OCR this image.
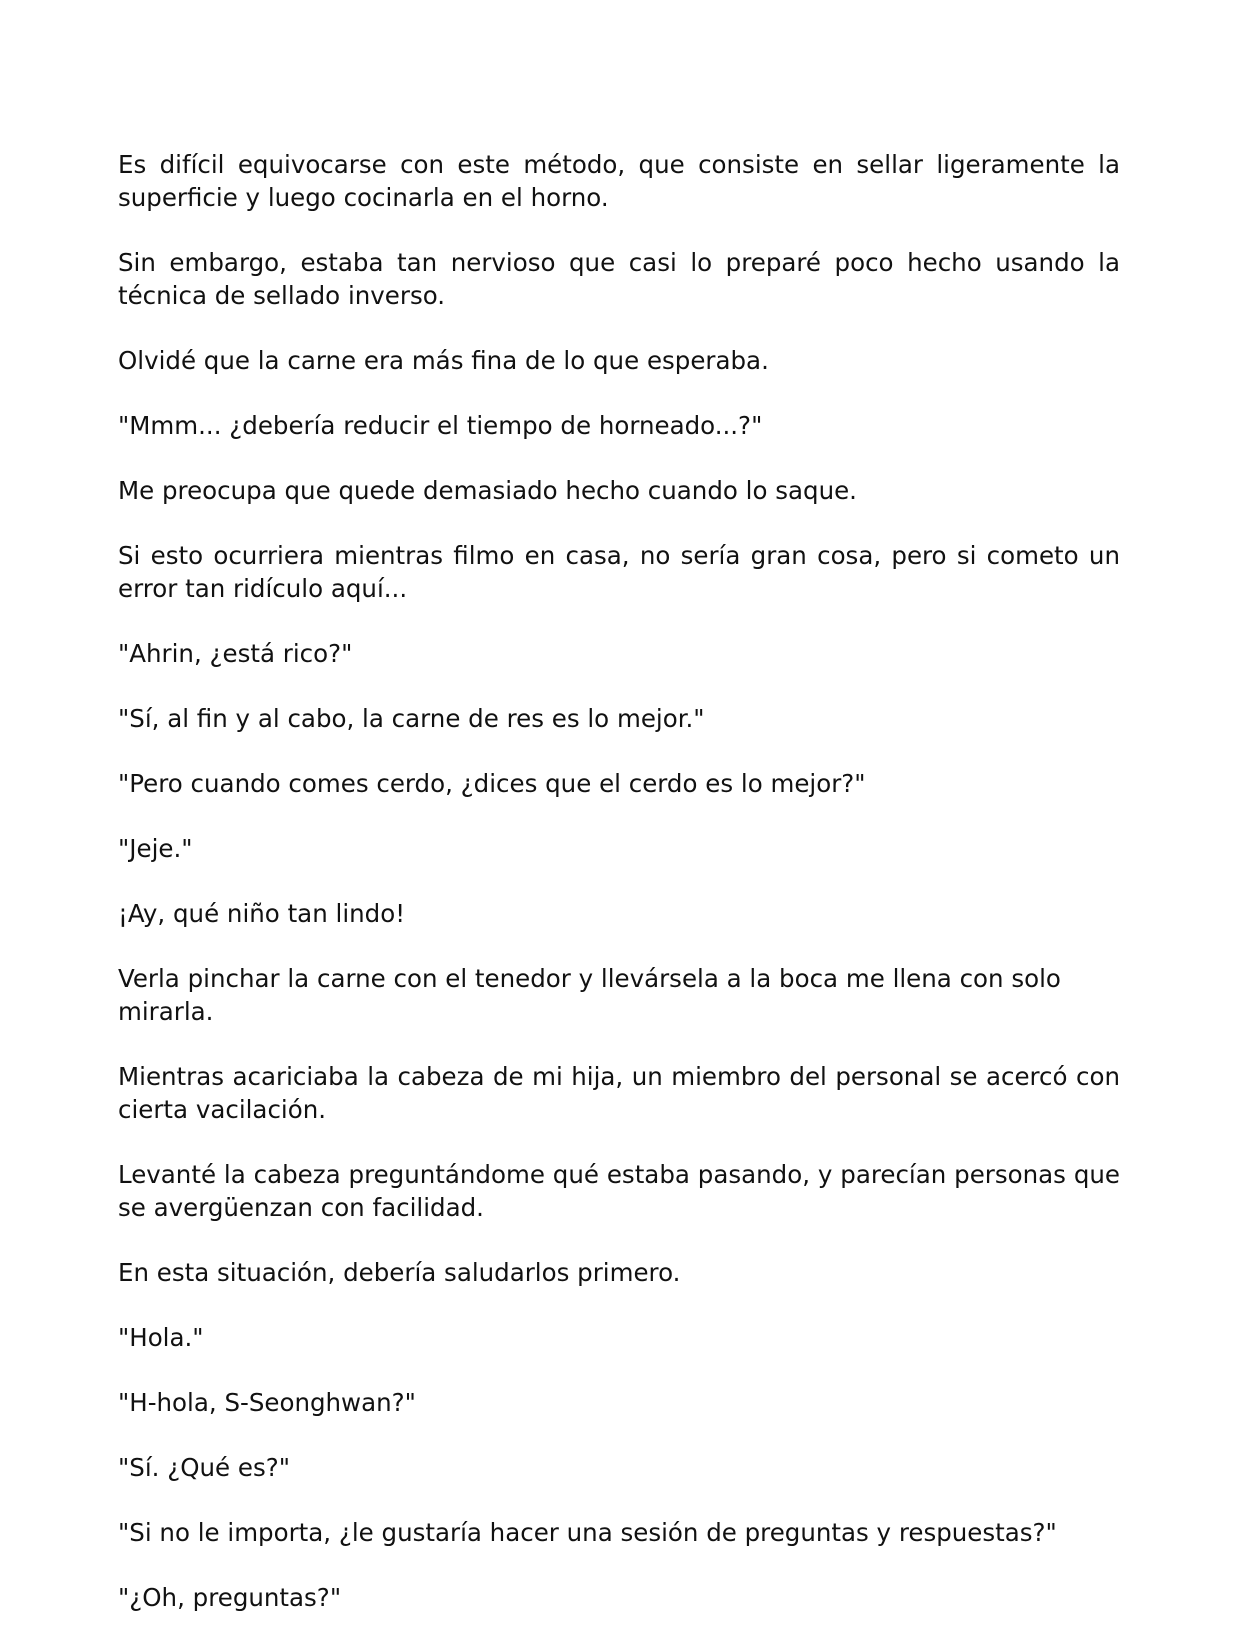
Es difícil equivocarse con este método, que consiste en sellar ligeramente la superficie y luego cocinarla en el horno.

Sin embargo, estaba tan nervioso que casi lo preparé poco hecho usando la técnica de sellado inverso.

Olvidé que la carne era más fina de lo que esperaba.

"Mmm... ¿debería reducir el tiempo de horneado...?"

Me preocupa que quede demasiado hecho cuando lo saque.

Si esto ocurriera mientras filmo en casa, no sería gran cosa, pero si cometo un error tan ridículo aquí...

"Ahrin, ¿está rico?"

"Sí, al fin y al cabo, la carne de res es lo mejor."

"Pero cuando comes cerdo, ¿dices que el cerdo es lo mejor?"

"Jeje."

¡Ay, qué niño tan lindo!

Verla pinchar la carne con el tenedor y llevársela a la boca me llena con solo mirarla.

Mientras acariciaba la cabeza de mi hija, un miembro del personal se acercó con cierta vacilación.

Levanté la cabeza preguntándome qué estaba pasando, y parecían personas que se avergüenzan con facilidad.

En esta situación, debería saludarlos primero.

"Hola."

"H-hola, S-Seonghwan?"

"Sí. ¿Qué es?"

"Si no le importa, ¿le gustaría hacer una sesión de preguntas y respuestas?"

"¿Oh, preguntas?"
